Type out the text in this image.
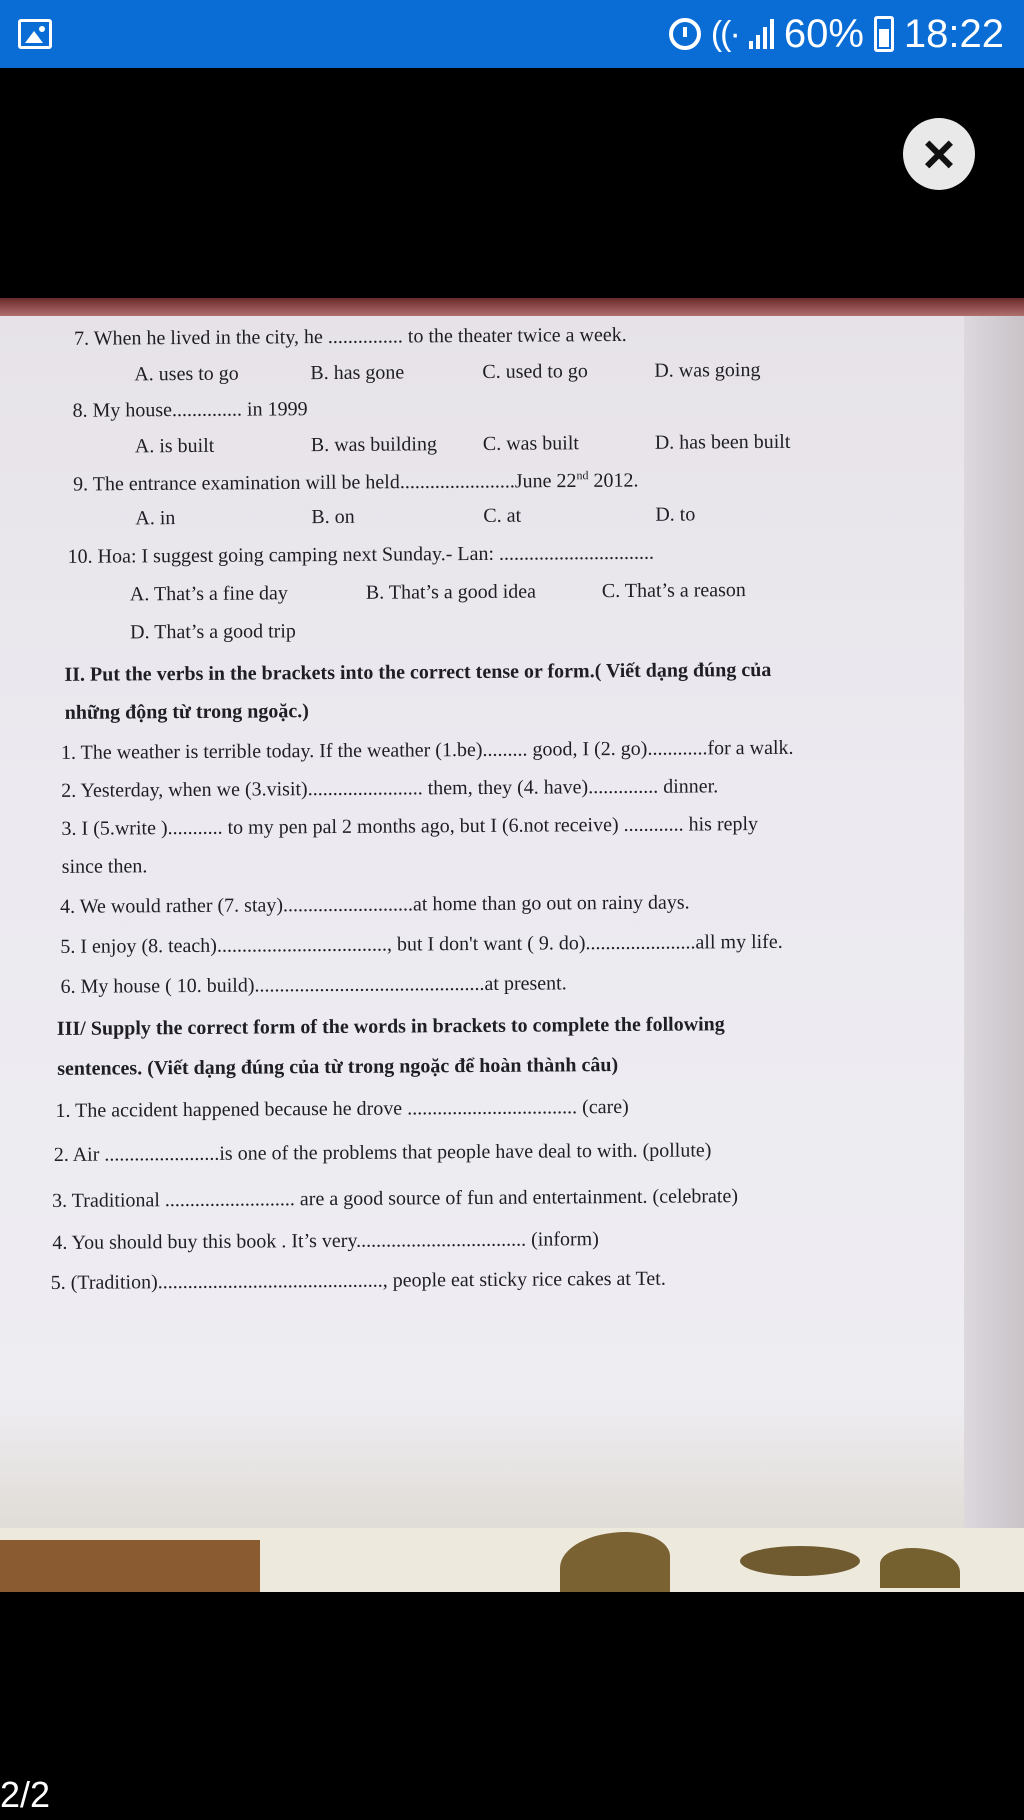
((· 60% 18:22
×
7. When he lived in the city, he ............... to the theater twice a week.
A. uses to go	B. has gone	C. used to go	D. was going
8. My house.............. in 1999
A. is built	B. was building C. was built	D. has been built
9. The entrance examination will be held.......................June 22nd 2012.
A. in	B. on	C. at	D. to
10. Hoa: I suggest going camping next Sunday.- Lan: ...............................
A. That’s a fine day	B. That’s a good idea	C. That’s a reason
D. That’s a good trip
II. Put the verbs in the brackets into the correct tense or form.( Viết dạng đúng của
những động từ trong ngoặc.)
1. The weather is terrible today. If the weather (1.be)......... good, I (2. go)............for a walk.
2. Yesterday, when we (3.visit)....................... them, they (4. have).............. dinner.
3. I (5.write )........... to my pen pal 2 months ago, but I (6.not receive) ............ his reply
since then.
4. We would rather (7. stay)..........................at home than go out on rainy days.
5. I enjoy (8. teach).................................., but I don't want ( 9. do)......................all my life.
6. My house ( 10. build)..............................................at present.
III/ Supply the correct form of the words in brackets to complete the following
sentences. (Viết dạng đúng của từ trong ngoặc để hoàn thành câu)
1. The accident happened because he drove .................................. (care)
2. Air .......................is one of the problems that people have deal to with. (pollute)
3. Traditional .......................... are a good source of fun and entertainment. (celebrate)
4. You should buy this book . It’s very.................................. (inform)
5. (Tradition)............................................., people eat sticky rice cakes at Tet.
2/2
